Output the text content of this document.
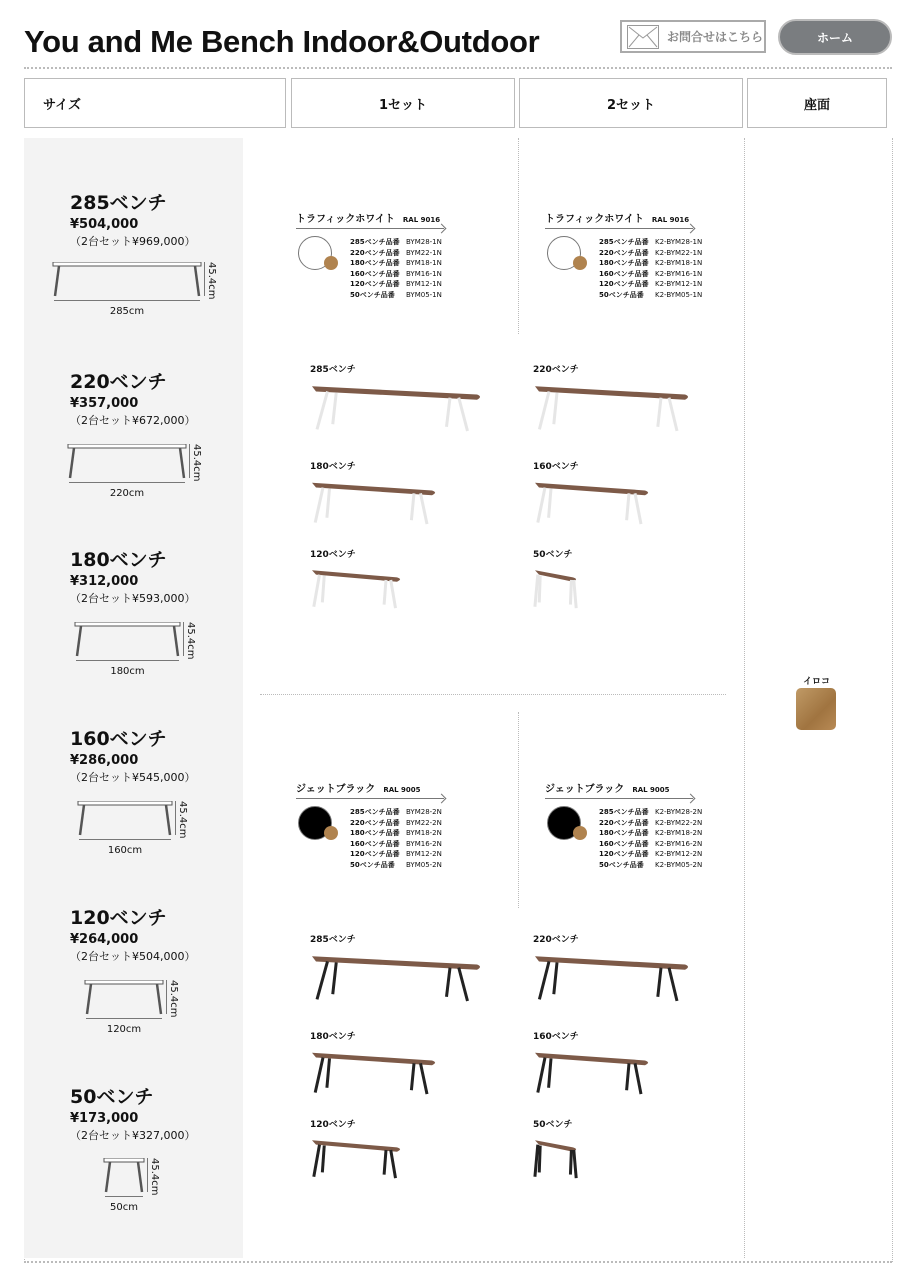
You and Me Bench Indoor&Outdoor	お問合せはこちら	ホーム
サイズ	1セット	2セット	座面
285ベンチ
¥504,000
（2台セット¥969,000）
285cm
45.4cm
220ベンチ
¥357,000
（2台セット¥672,000）
220cm
45.4cm
180ベンチ
¥312,000
（2台セット¥593,000）
180cm
45.4cm
160ベンチ
¥286,000
（2台セット¥545,000）
160cm
45.4cm
120ベンチ
¥264,000
（2台セット¥504,000）
120cm
45.4cm
50ベンチ
¥173,000
（2台セット¥327,000）
50cm
45.4cm
トラフィックホワイト RAL 9016
285ベンチ品番 BYM28-1N
220ベンチ品番 BYM22-1N
180ベンチ品番 BYM18-1N
160ベンチ品番 BYM16-1N
120ベンチ品番 BYM12-1N
50ベンチ品番 BYM05-1N
285ベンチ
180ベンチ
120ベンチ
トラフィックホワイト RAL 9016
285ベンチ品番 K2-BYM28-1N
220ベンチ品番 K2-BYM22-1N
180ベンチ品番 K2-BYM18-1N
160ベンチ品番 K2-BYM16-1N
120ベンチ品番 K2-BYM12-1N
50ベンチ品番 K2-BYM05-1N
220ベンチ
160ベンチ
50ベンチ
ジェットブラック RAL 9005
285ベンチ品番 BYM28-2N
220ベンチ品番 BYM22-2N
180ベンチ品番 BYM18-2N
160ベンチ品番 BYM16-2N
120ベンチ品番 BYM12-2N
50ベンチ品番 BYM05-2N
285ベンチ
180ベンチ
120ベンチ
ジェットブラック RAL 9005
285ベンチ品番 K2-BYM28-2N
220ベンチ品番 K2-BYM22-2N
180ベンチ品番 K2-BYM18-2N
160ベンチ品番 K2-BYM16-2N
120ベンチ品番 K2-BYM12-2N
50ベンチ品番 K2-BYM05-2N
220ベンチ
160ベンチ
50ベンチ
イロコ
